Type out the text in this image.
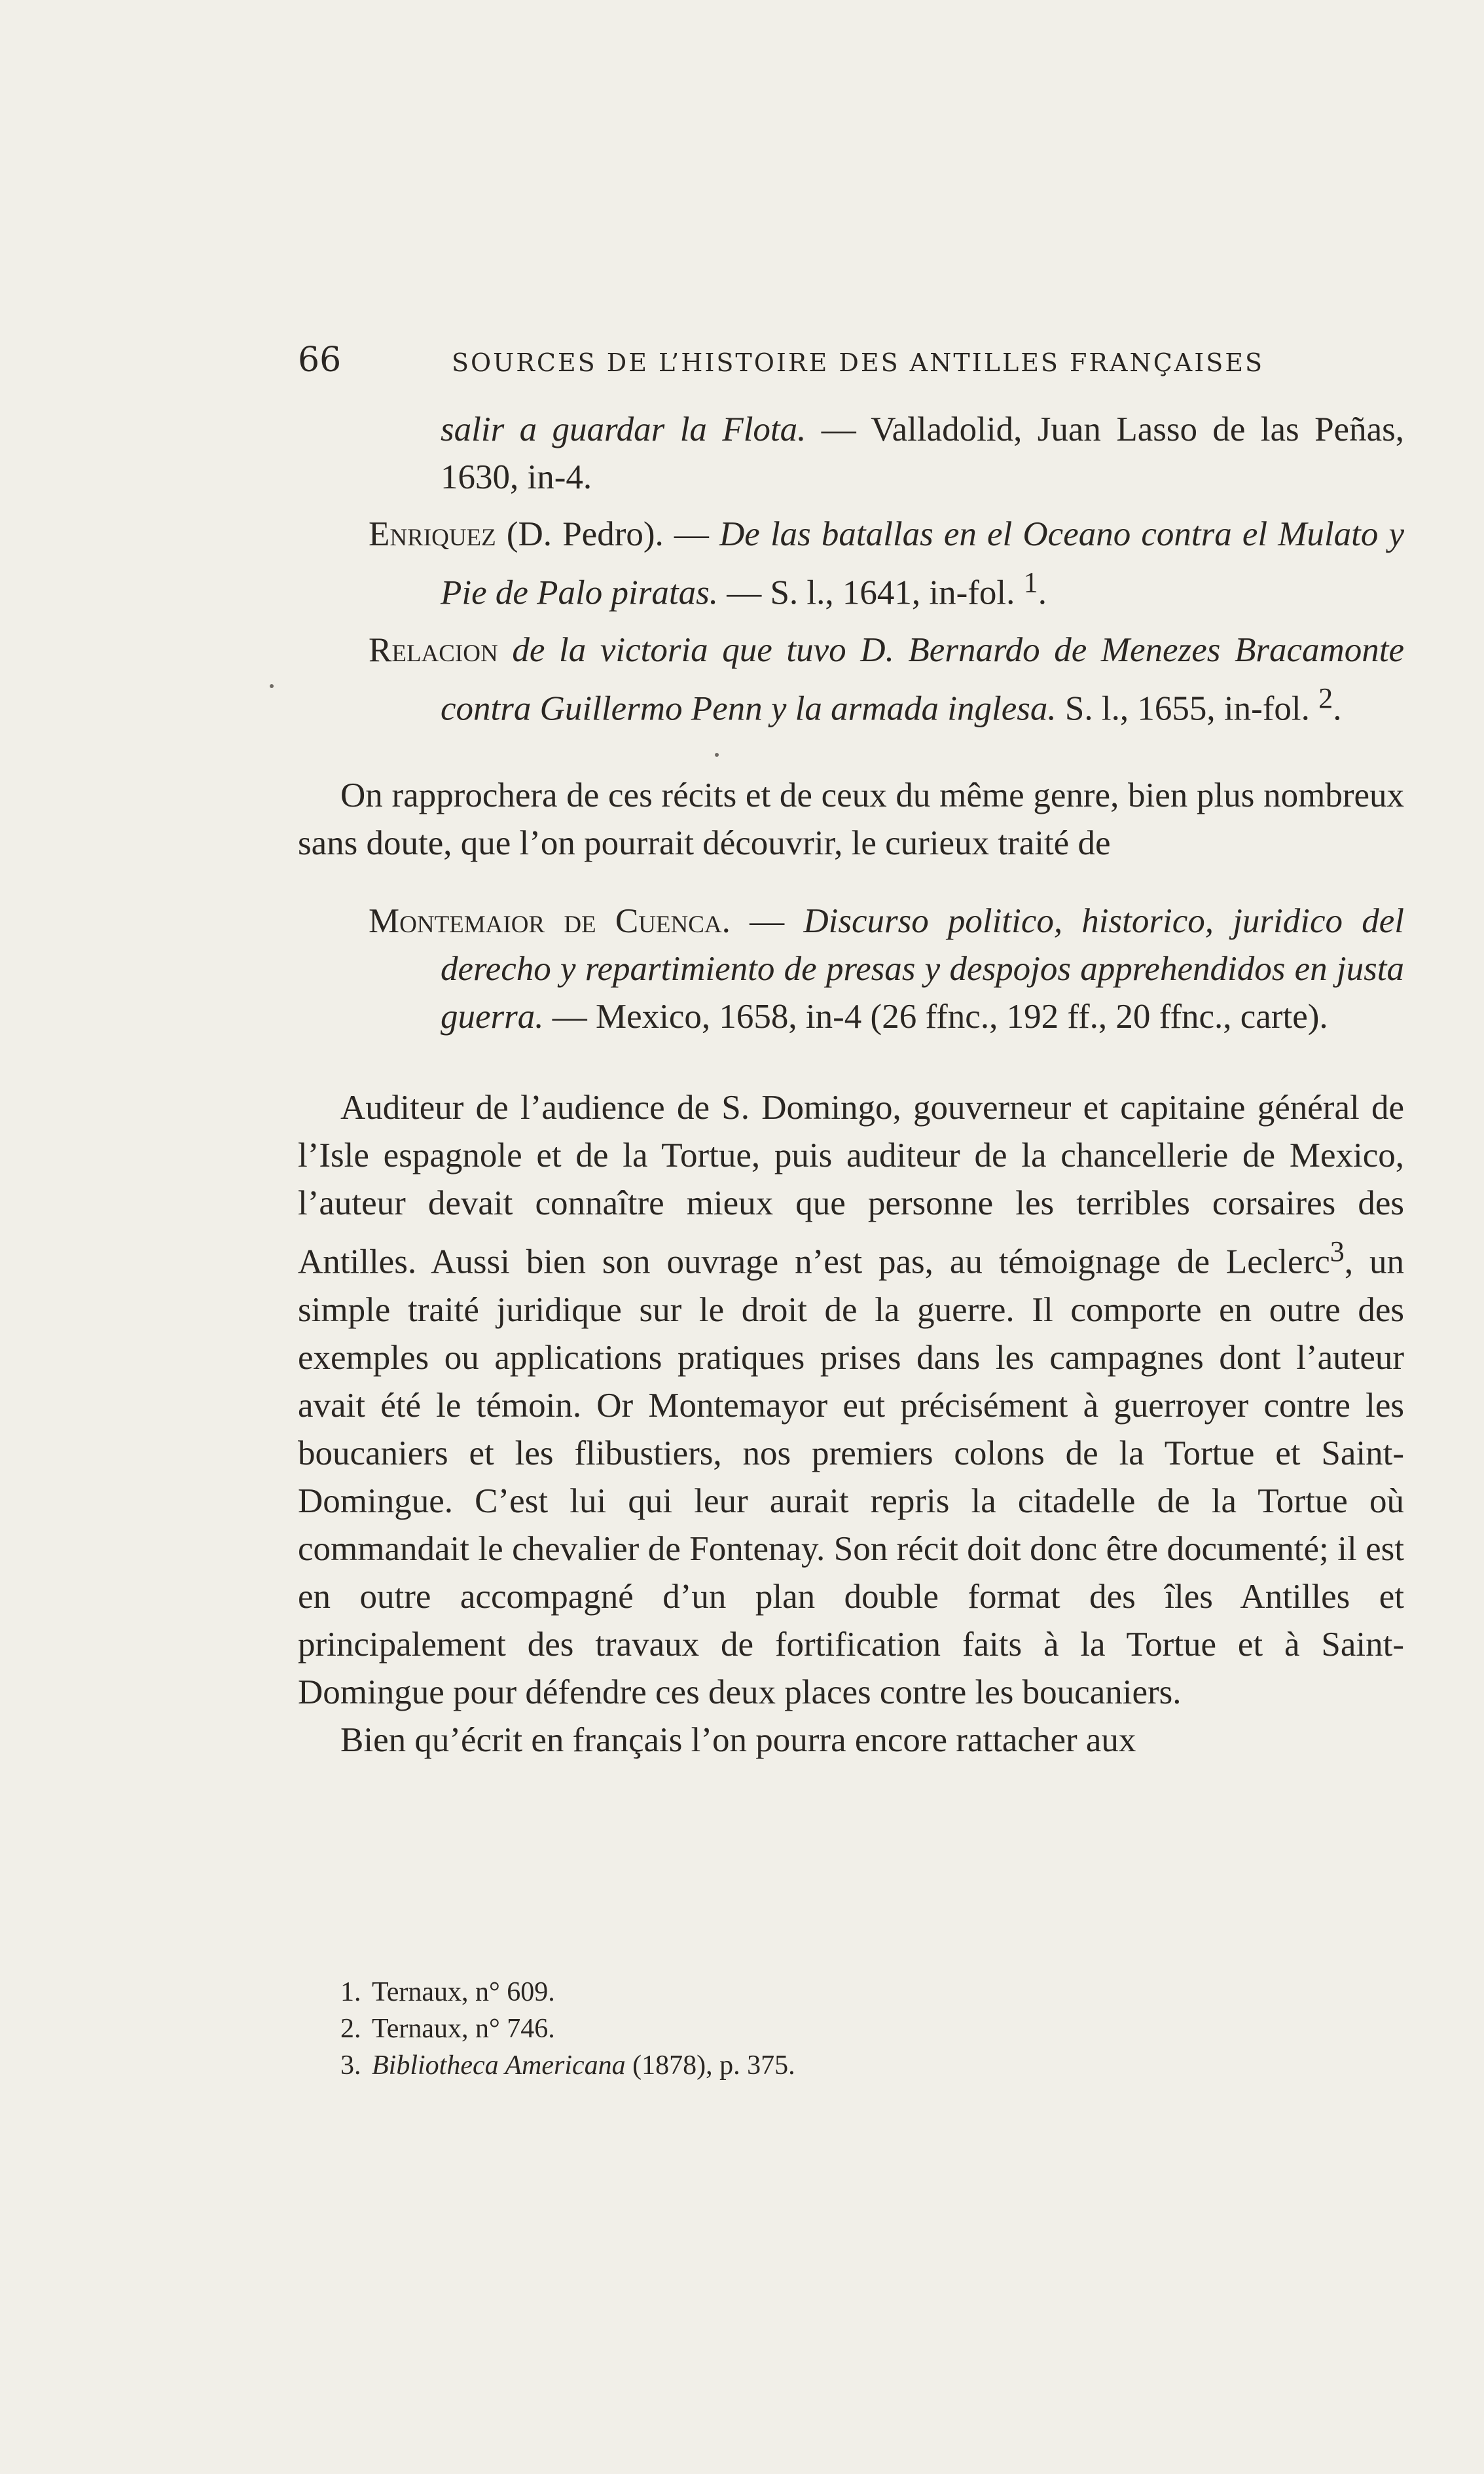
66	SOURCES DE L’HISTOIRE DES ANTILLES FRANÇAISES

salir a guardar la Flota. — Valladolid, Juan Lasso de las Peñas, 1630, in-4.

Enriquez (D. Pedro). — De las batallas en el Oceano contra el Mulato y Pie de Palo piratas. — S. l., 1641, in-fol. $^1$.

Relacion de la victoria que tuvo D. Bernardo de Menezes Bracamonte contra Guillermo Penn y la armada inglesa. S. l., 1655, in-fol. $^2$.

On rapprochera de ces récits et de ceux du même genre, bien plus nombreux sans doute, que l’on pourrait découvrir, le curieux traité de

Montemaior de Cuenca. — Discurso politico, historico, juridico del derecho y repartimiento de presas y despojos apprehendidos en justa guerra. — Mexico, 1658, in-4 (26 ffnc., 192 ff., 20 ffnc., carte).

Auditeur de l’audience de S. Domingo, gouverneur et capitaine général de l’Isle espagnole et de la Tortue, puis auditeur de la chancellerie de Mexico, l’auteur devait connaître mieux que personne les terribles corsaires des Antilles. Aussi bien son ouvrage n’est pas, au témoignage de Leclerc$^3$, un simple traité juridique sur le droit de la guerre. Il comporte en outre des exemples ou applications pratiques prises dans les campagnes dont l’auteur avait été le témoin. Or Montemayor eut précisément à guerroyer contre les boucaniers et les flibustiers, nos premiers colons de la Tortue et Saint-Domingue. C’est lui qui leur aurait repris la citadelle de la Tortue où commandait le chevalier de Fontenay. Son récit doit donc être documenté; il est en outre accompagné d’un plan double format des îles Antilles et principalement des travaux de fortification faits à la Tortue et à Saint-Domingue pour défendre ces deux places contre les boucaniers.

Bien qu’écrit en français l’on pourra encore rattacher aux

1. Ternaux, n° 609.

2. Ternaux, n° 746.

3. Bibliotheca Americana (1878), p. 375.
